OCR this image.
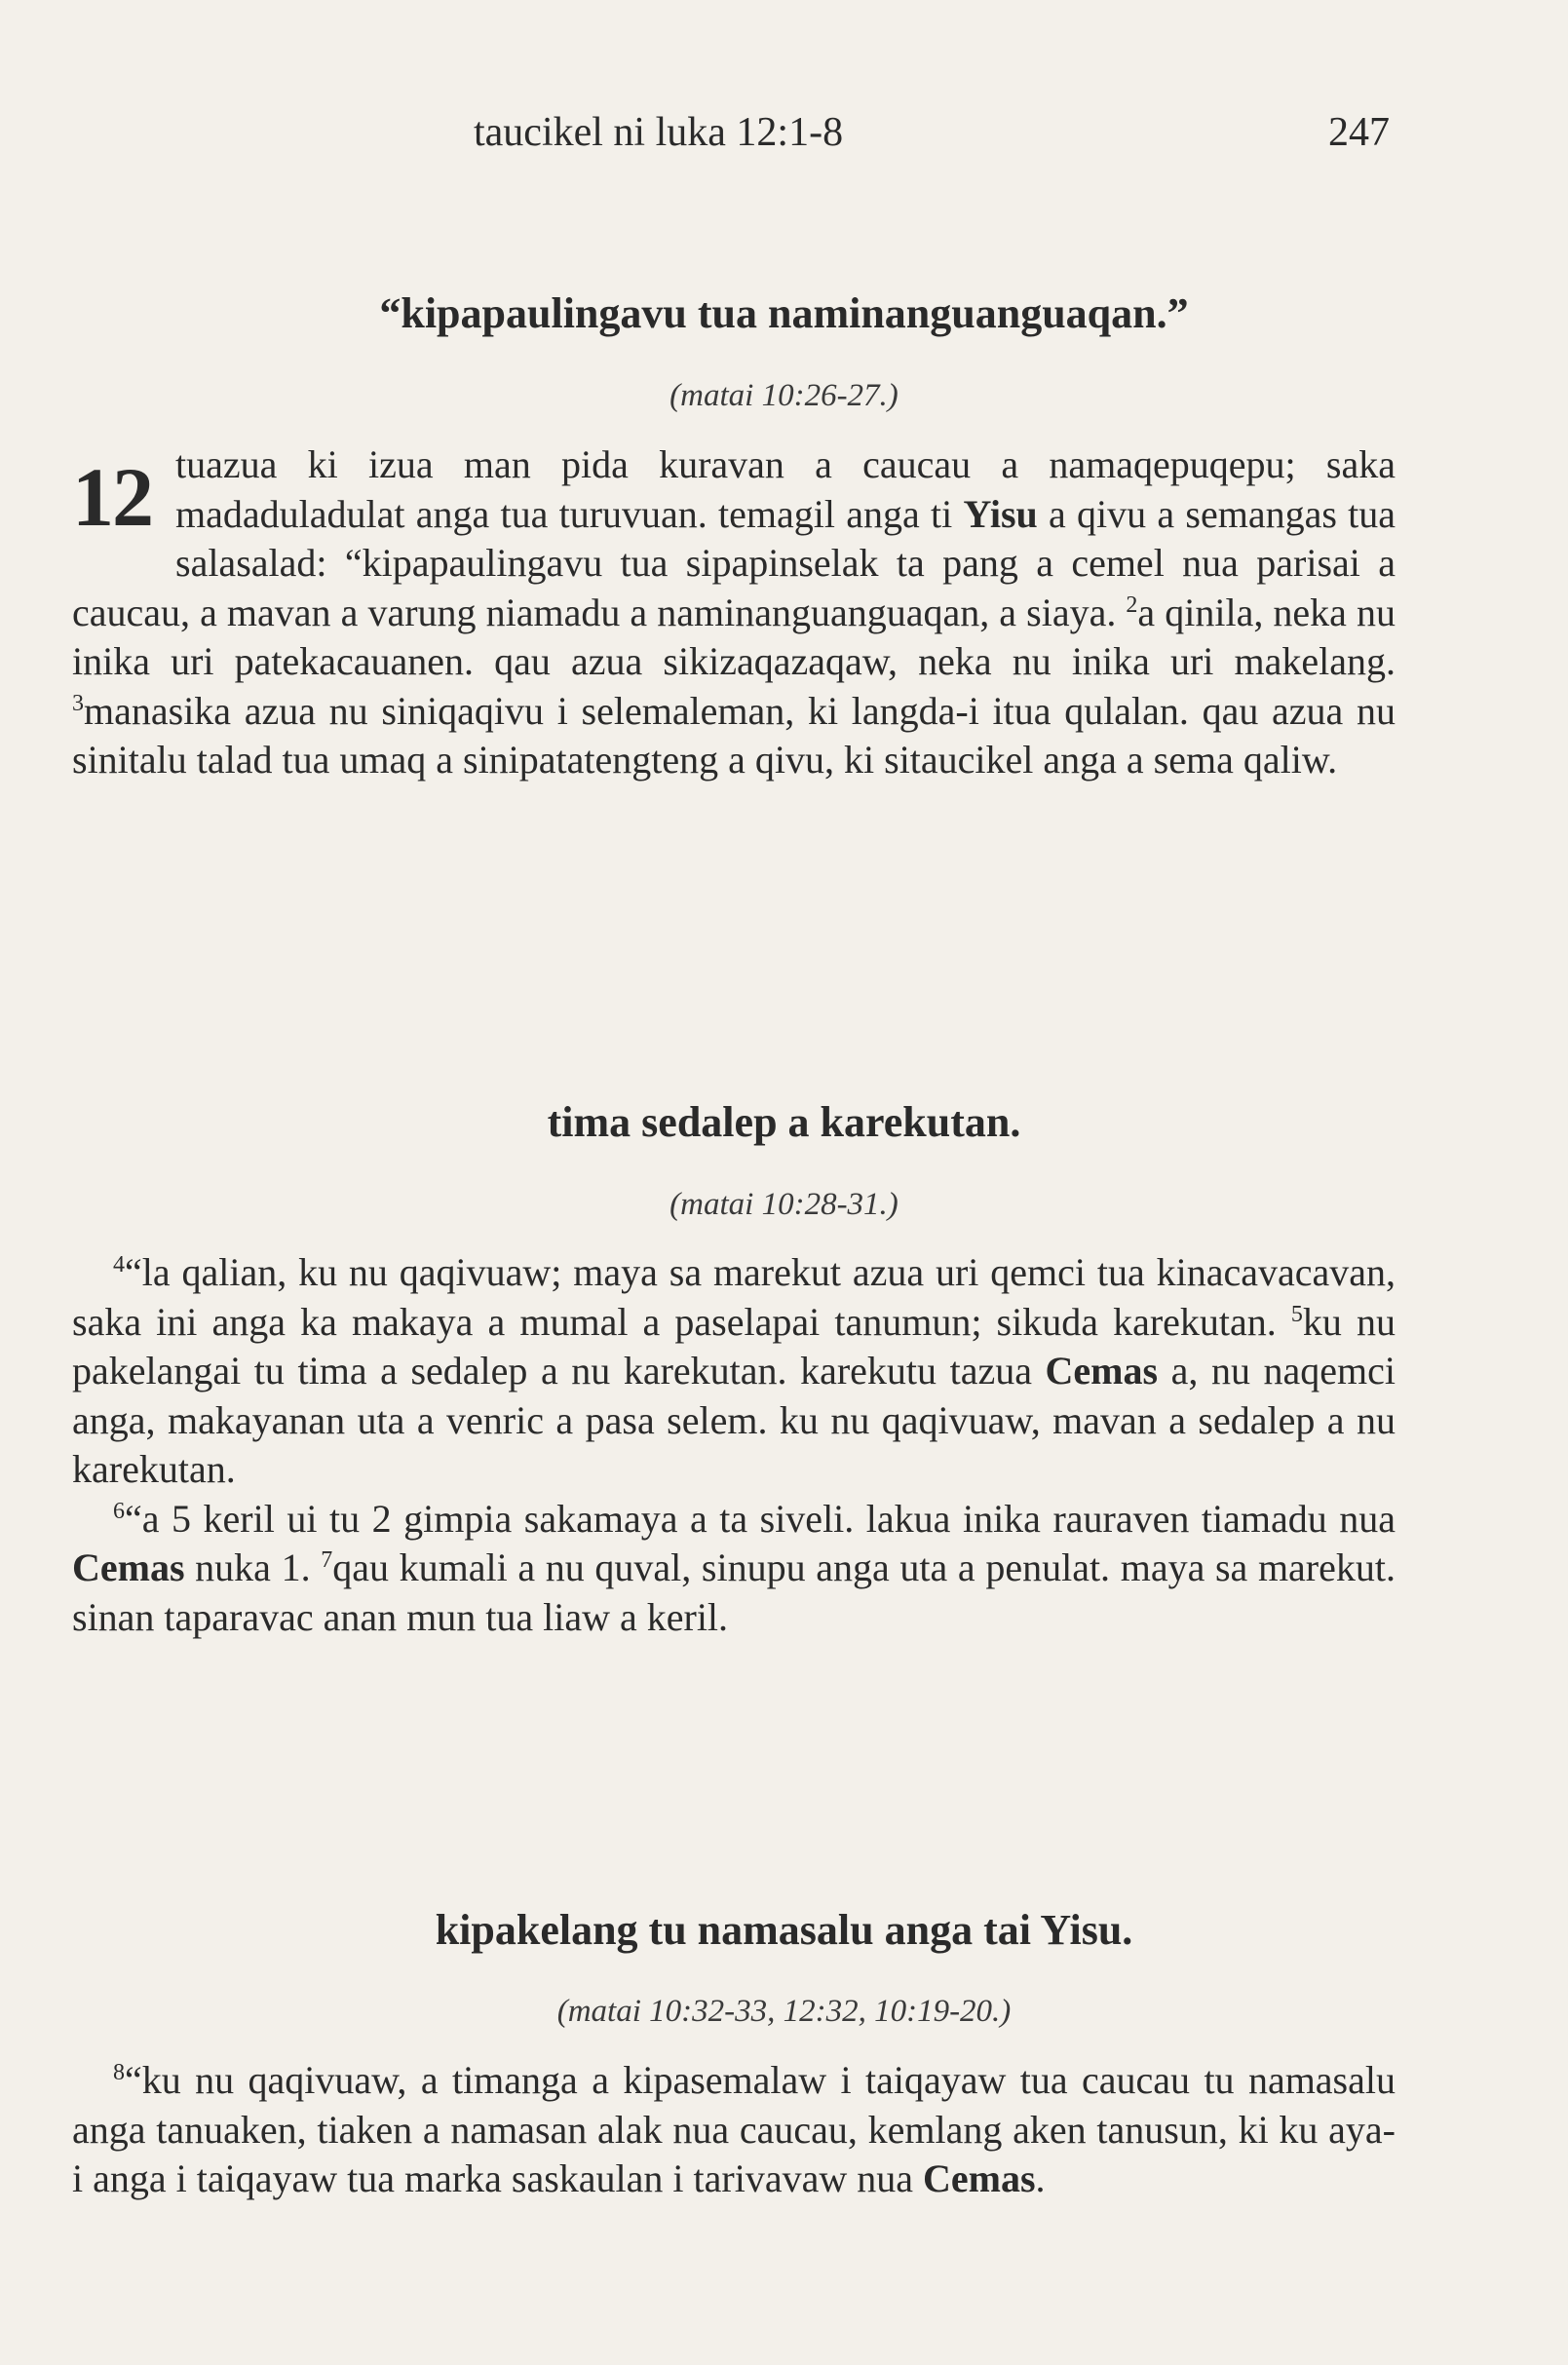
taucikel ni luka 12:1-8	247
“kipapaulingavu tua naminanguanguaqan.”
(matai 10:26-27.)

12 tuazua ki izua man pida kuravan a caucau a namaqepuqepu; saka madaduladulat anga tua turuvuan. temagil anga ti Yisu a qivu a semangas tua salasalad: “kipapaulingavu tua sipapinselak ta pang a cemel nua parisai a caucau, a mavan a varung niamadu a naminanguanguaqan, a siaya. $^2$a qinila, neka nu inika uri patekacauanen. qau azua sikizaqazaqaw, neka nu inika uri makelang. $^3$manasika azua nu siniqaqivu i selemaleman, ki langda-i itua qulalan. qau azua nu sinitalu talad tua umaq a sinipatatengteng a qivu, ki sitaucikel anga a sema qaliw.

tima sedalep a karekutan.
(matai 10:28-31.)

$^4$“la qalian, ku nu qaqivuaw; maya sa marekut azua uri qemci tua kinacavacavan, saka ini anga ka makaya a mumal a paselapai tanumun; sikuda karekutan. $^5$ku nu pakelangai tu tima a sedalep a nu karekutan. karekutu tazua Cemas a, nu naqemci anga, makayanan uta a venric a pasa selem. ku nu qaqivuaw, mavan a sedalep a nu karekutan.

$^6$“a 5 keril ui tu 2 gimpia sakamaya a ta siveli. lakua inika rauraven tiamadu nua Cemas nuka 1. $^7$qau kumali a nu quval, sinupu anga uta a penulat. maya sa marekut. sinan taparavac anan mun tua liaw a keril.

kipakelang tu namasalu anga tai Yisu.
(matai 10:32-33, 12:32, 10:19-20.)

$^8$“ku nu qaqivuaw, a timanga a kipasemalaw i taiqayaw tua caucau tu namasalu anga tanuaken, tiaken a namasan alak nua caucau, kemlang aken tanusun, ki ku aya-i anga i taiqayaw tua marka saskaulan i tarivavaw nua Cemas.
